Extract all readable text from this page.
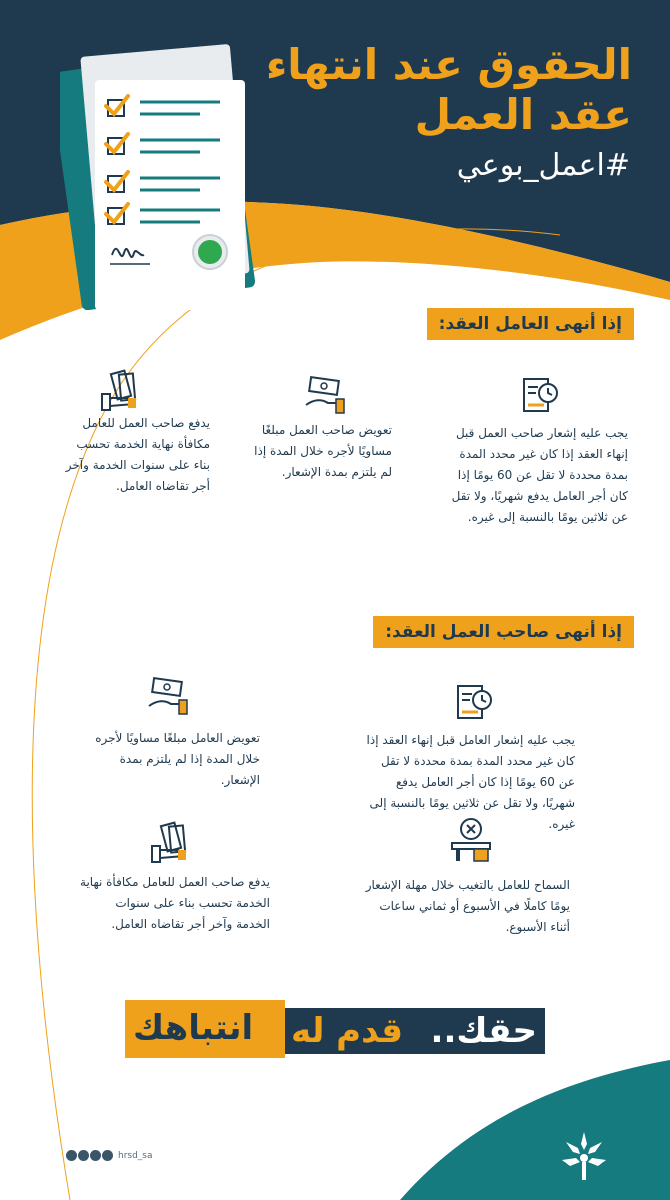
الحقوق عند انتهاء
عقد العمل
#اعمل_بوعي
إذا أنهى العامل العقد:
يجب عليه إشعار صاحب العمل قبل إنهاء العقد إذا كان غير محدد المدة بمدة محددة لا تقل عن 60 يومًا إذا كان أجر العامل يدفع شهريًا، ولا تقل عن ثلاثين يومًا بالنسبة إلى غيره.
تعويض صاحب العمل مبلغًا مساويًا لأجره خلال المدة إذا لم يلتزم بمدة الإشعار.
يدفع صاحب العمل للعامل مكافأة نهاية الخدمة تحسب بناء على سنوات الخدمة وآخر أجر تقاضاه العامل.
إذا أنهى صاحب العمل العقد:
يجب عليه إشعار العامل قبل إنهاء العقد إذا كان غير محدد المدة بمدة محددة لا تقل عن 60 يومًا إذا كان أجر العامل يدفع شهريًا، ولا تقل عن ثلاثين يومًا بالنسبة إلى غيره.
تعويض العامل مبلغًا مساويًا لأجره خلال المدة إذا لم يلتزم بمدة الإشعار.
السماح للعامل بالتغيب خلال مهلة الإشعار يومًا كاملًا في الأسبوع أو ثماني ساعات أثناء الأسبوع.
يدفع صاحب العمل للعامل مكافأة نهاية الخدمة تحسب بناء على سنوات الخدمة وآخر أجر تقاضاه العامل.
حقك..
قدم له
انتباهك
hrsd_sa
